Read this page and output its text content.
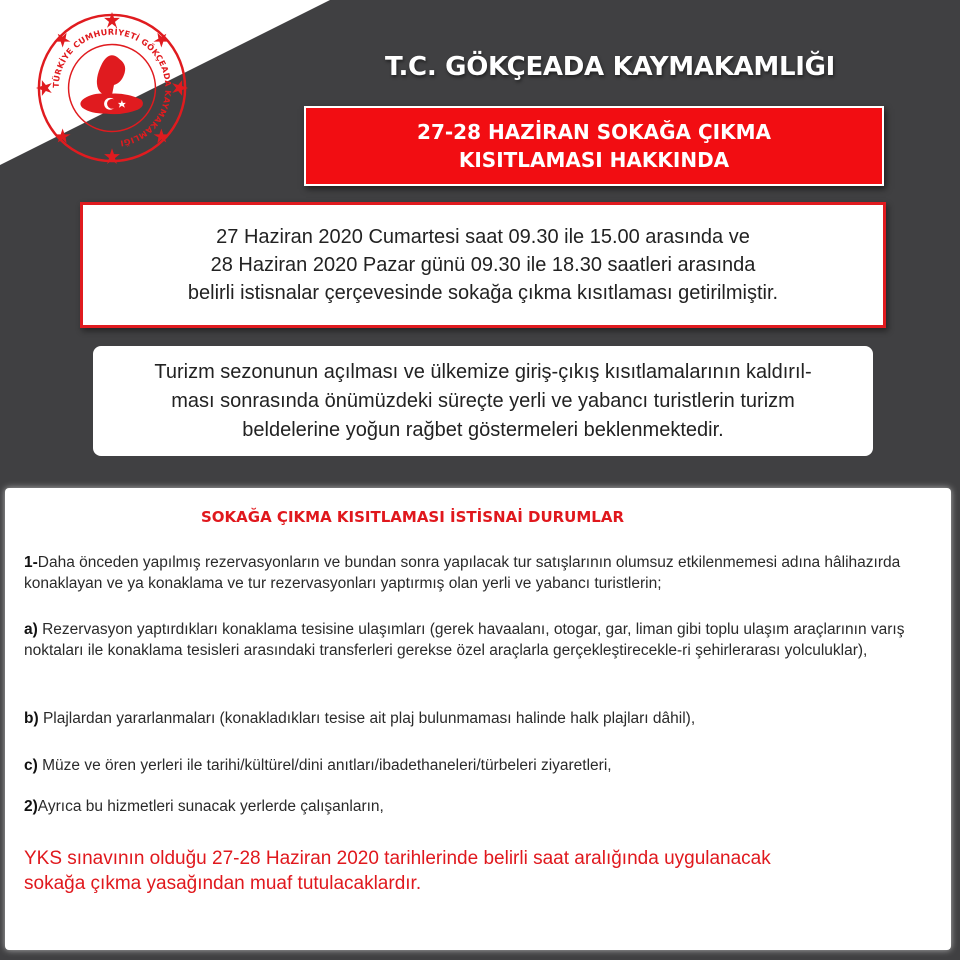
TÜRKİYE CUMHURİYETİ GÖKÇEADA KAYMAKAMLIĞI
T.C. GÖKÇEADA KAYMAKAMLIĞI
27-28 HAZİRAN SOKAĞA ÇIKMA
KISITLAMASI HAKKINDA
27 Haziran 2020 Cumartesi saat 09.30 ile 15.00 arasında ve
28 Haziran 2020 Pazar günü 09.30 ile 18.30 saatleri arasında
belirli istisnalar çerçevesinde sokağa çıkma kısıtlaması getirilmiştir.
Turizm sezonunun açılması ve ülkemize giriş-çıkış kısıtlamalarının kaldırıl-
ması sonrasında önümüzdeki süreçte yerli ve yabancı turistlerin turizm
beldelerine yoğun rağbet göstermeleri beklenmektedir.
SOKAĞA ÇIKMA KISITLAMASI İSTİSNAİ DURUMLAR
1-Daha önceden yapılmış rezervasyonların ve bundan sonra yapılacak tur satışlarının olumsuz etkilenmemesi adına hâlihazırda konaklayan ve ya konaklama ve tur rezervasyonları yaptırmış olan yerli ve yabancı turistlerin;
a) Rezervasyon yaptırdıkları konaklama tesisine ulaşımları (gerek havaalanı, otogar, gar, liman gibi toplu ulaşım araçlarının varış noktaları ile konaklama tesisleri arasındaki transferleri gerekse özel araçlarla gerçekleştirecekle-ri şehirlerarası yolculuklar),
b) Plajlardan yararlanmaları (konakladıkları tesise ait plaj bulunmaması halinde halk plajları dâhil),
c) Müze ve ören yerleri ile tarihi/kültürel/dini anıtları/ibadethaneleri/türbeleri ziyaretleri,
2)Ayrıca bu hizmetleri sunacak yerlerde çalışanların,
YKS sınavının olduğu 27-28 Haziran 2020 tarihlerinde belirli saat aralığında uygulanacak
sokağa çıkma yasağından muaf tutulacaklardır.
